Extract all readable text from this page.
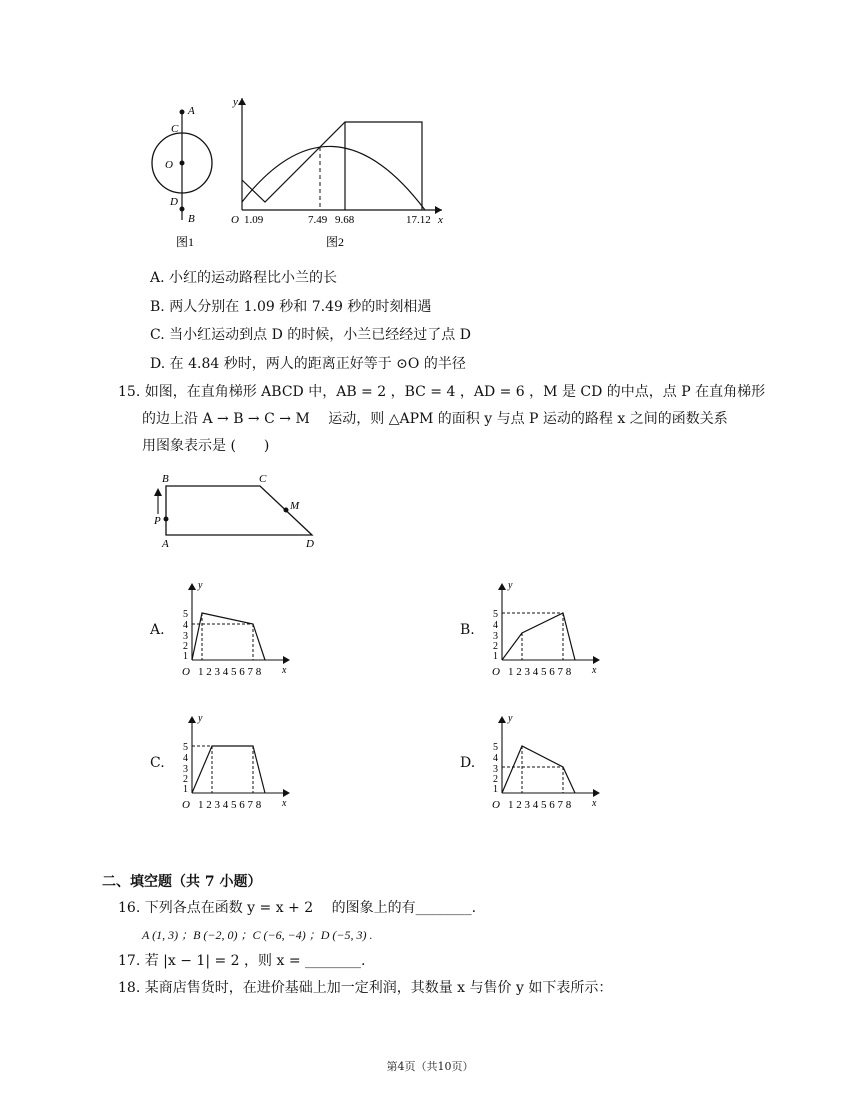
A
C
O
D
B
y
x
O 1.09	7.49 9.68	17.12
图1	图2
A. 小红的运动路程比小兰的长
B. 两人分别在 1.09 秒和 7.49 秒的时刻相遇
C. 当小红运动到点 D 的时候，小兰已经经过了点 D
D. 在 4.84 秒时，两人的距离正好等于 ⊙O 的半径
15. 如图，在直角梯形 ABCD 中，AB = 2 ，BC = 4 ，AD = 6 ，M 是 CD 的中点，点 P 在直角梯形
的边上沿 A → B → C → M 　运动，则 △APM 的面积 y 与点 P 运动的路程 x 之间的函数关系
用图象表示是 (　　)
B	C
M
P
A	D
A.	B.
C.	D.
y
x
O 1 2 3 4 5 6 7 8
5
4
3
2
1
y
x
O 1 2 3 4 5 6 7 8
5
4
3
2
1
y
x
O 1 2 3 4 5 6 7 8
5
4
3
2
1
y
x
O 1 2 3 4 5 6 7 8
5
4
3
2
1
二、填空题（共 7 小题）
16. 下列各点在函数 y = x + 2 　的图象上的有________.
A (1, 3) ；B (−2, 0) ；C (−6, −4) ；D (−5, 3) .
17. 若 |x − 1| = 2 ，则 x = ________.
18. 某商店售货时，在进价基础上加一定利润，其数量 x 与售价 y 如下表所示：
第4页（共10页）
